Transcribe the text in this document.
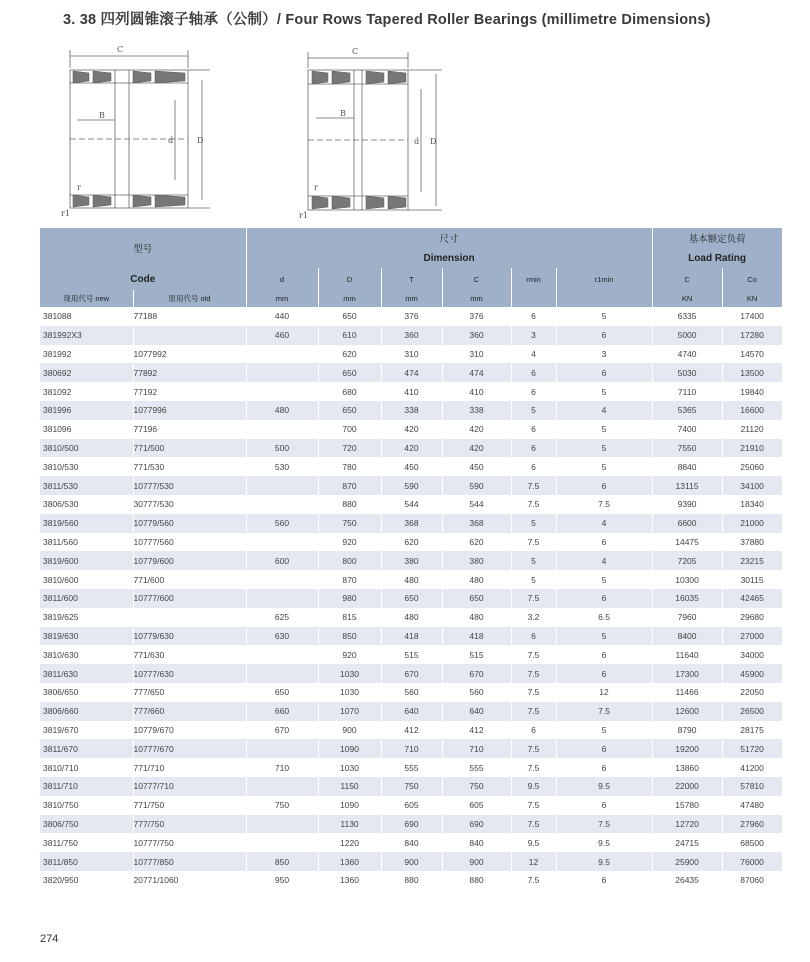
3. 38 四列圆锥滚子轴承（公制）/ Four Rows Tapered Roller Bearings (millimetre Dimensions)
C
B
d	D
r
r1
C
B
d D
r
r1
型号		尺寸						基本额定负荷	
		Dimension						Load Rating	
Code		d	D	T	C	rmin	r1min	C	Co
现用代号 new	原用代号 old	mm	mm	mm	mm			KN	KN
381088	77188	440	650	376	376	6	5	6335	17400
381992X3		460	610	360	360	3	6	5000	17280
381992	1077992		620	310	310	4	3	4740	14570
380692	77892		650	474	474	6	6	5030	13500
381092	77192		680	410	410	6	5	7110	19840
381996	1077996	480	650	338	338	5	4	5365	16600
381096	77196		700	420	420	6	5	7400	21120
3810/500	771/500	500	720	420	420	6	5	7550	21910
3810/530	771/530	530	780	450	450	6	5	8840	25060
3811/530	10777/530		870	590	590	7.5	6	13115	34100
3806/530	30777/530		880	544	544	7.5	7.5	9390	18340
3819/560	10779/560	560	750	368	368	5	4	6600	21000
3811/560	10777/560		920	620	620	7.5	6	14475	37880
3819/600	10779/600	600	800	380	380	5	4	7205	23215
3810/600	771/600		870	480	480	5	5	10300	30115
3811/600	10777/600		980	650	650	7.5	6	16035	42465
3819/625		625	815	480	480	3.2	6.5	7960	29680
3819/630	10779/630	630	850	418	418	6	5	8400	27000
3810/630	771/630		920	515	515	7.5	6	11640	34000
3811/630	10777/630		1030	670	670	7.5	6	17300	45900
3806/650	777/650	650	1030	560	560	7.5	12	11466	22050
3806/660	777/660	660	1070	640	640	7.5	7.5	12600	26500
3819/670	10779/670	670	900	412	412	6	5	8790	28175
3811/670	10777/670		1090	710	710	7.5	6	19200	51720
3810/710	771/710	710	1030	555	555	7.5	6	13860	41200
3811/710	10777/710		1150	750	750	9.5	9.5	22000	57810
3810/750	771/750	750	1090	605	605	7.5	6	15780	47480
3806/750	777/750		1130	690	690	7.5	7.5	12720	27960
3811/750	10777/750		1220	840	840	9.5	9.5	24715	68500
3811/850	10777/850	850	1360	900	900	12	9.5	25900	76000
3820/950	20771/1060	950	1360	880	880	7.5	6	26435	87060
274
